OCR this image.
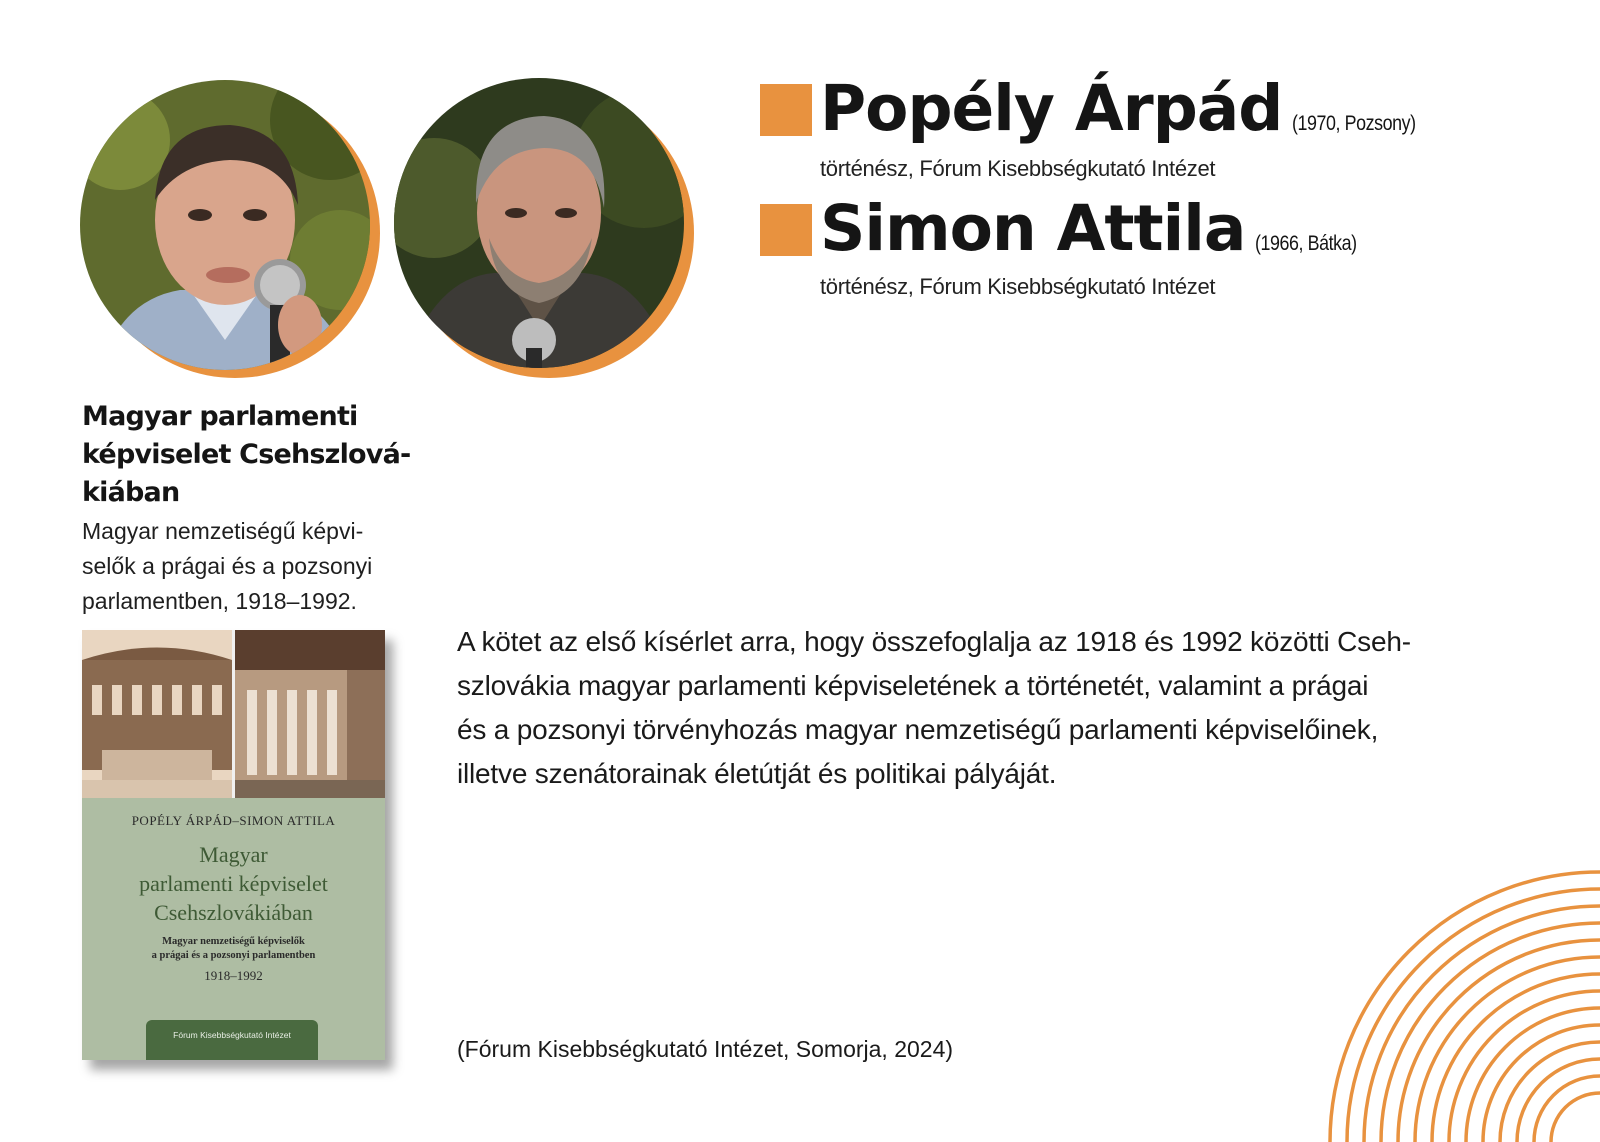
Popély Árpád (1970, Pozsony)
történész, Fórum Kisebbségkutató Intézet
Simon Attila (1966, Bátka)
történész, Fórum Kisebbségkutató Intézet
Magyar parlamenti
képviselet Csehszlová-
kiában
Magyar nemzetiségű képvi-
selők a prágai és a pozsonyi
parlamentben, 1918–1992.
POPÉLY ÁRPÁD–SIMON ATTILA
Magyar
parlamenti képviselet
Csehszlovákiában
Magyar nemzetiségű képviselők
a prágai és a pozsonyi parlamentben
1918–1992
Fórum Kisebbségkutató Intézet

A kötet az első kísérlet arra, hogy összefoglalja az 1918 és 1992 közötti Cseh-

szlovákia magyar parlamenti képviseletének a történetét, valamint a prágai

és a pozsonyi törvényhozás magyar nemzetiségű parlamenti képviselőinek,

illetve szenátorainak életútját és politikai pályáját.

(Fórum Kisebbségkutató Intézet, Somorja, 2024)
